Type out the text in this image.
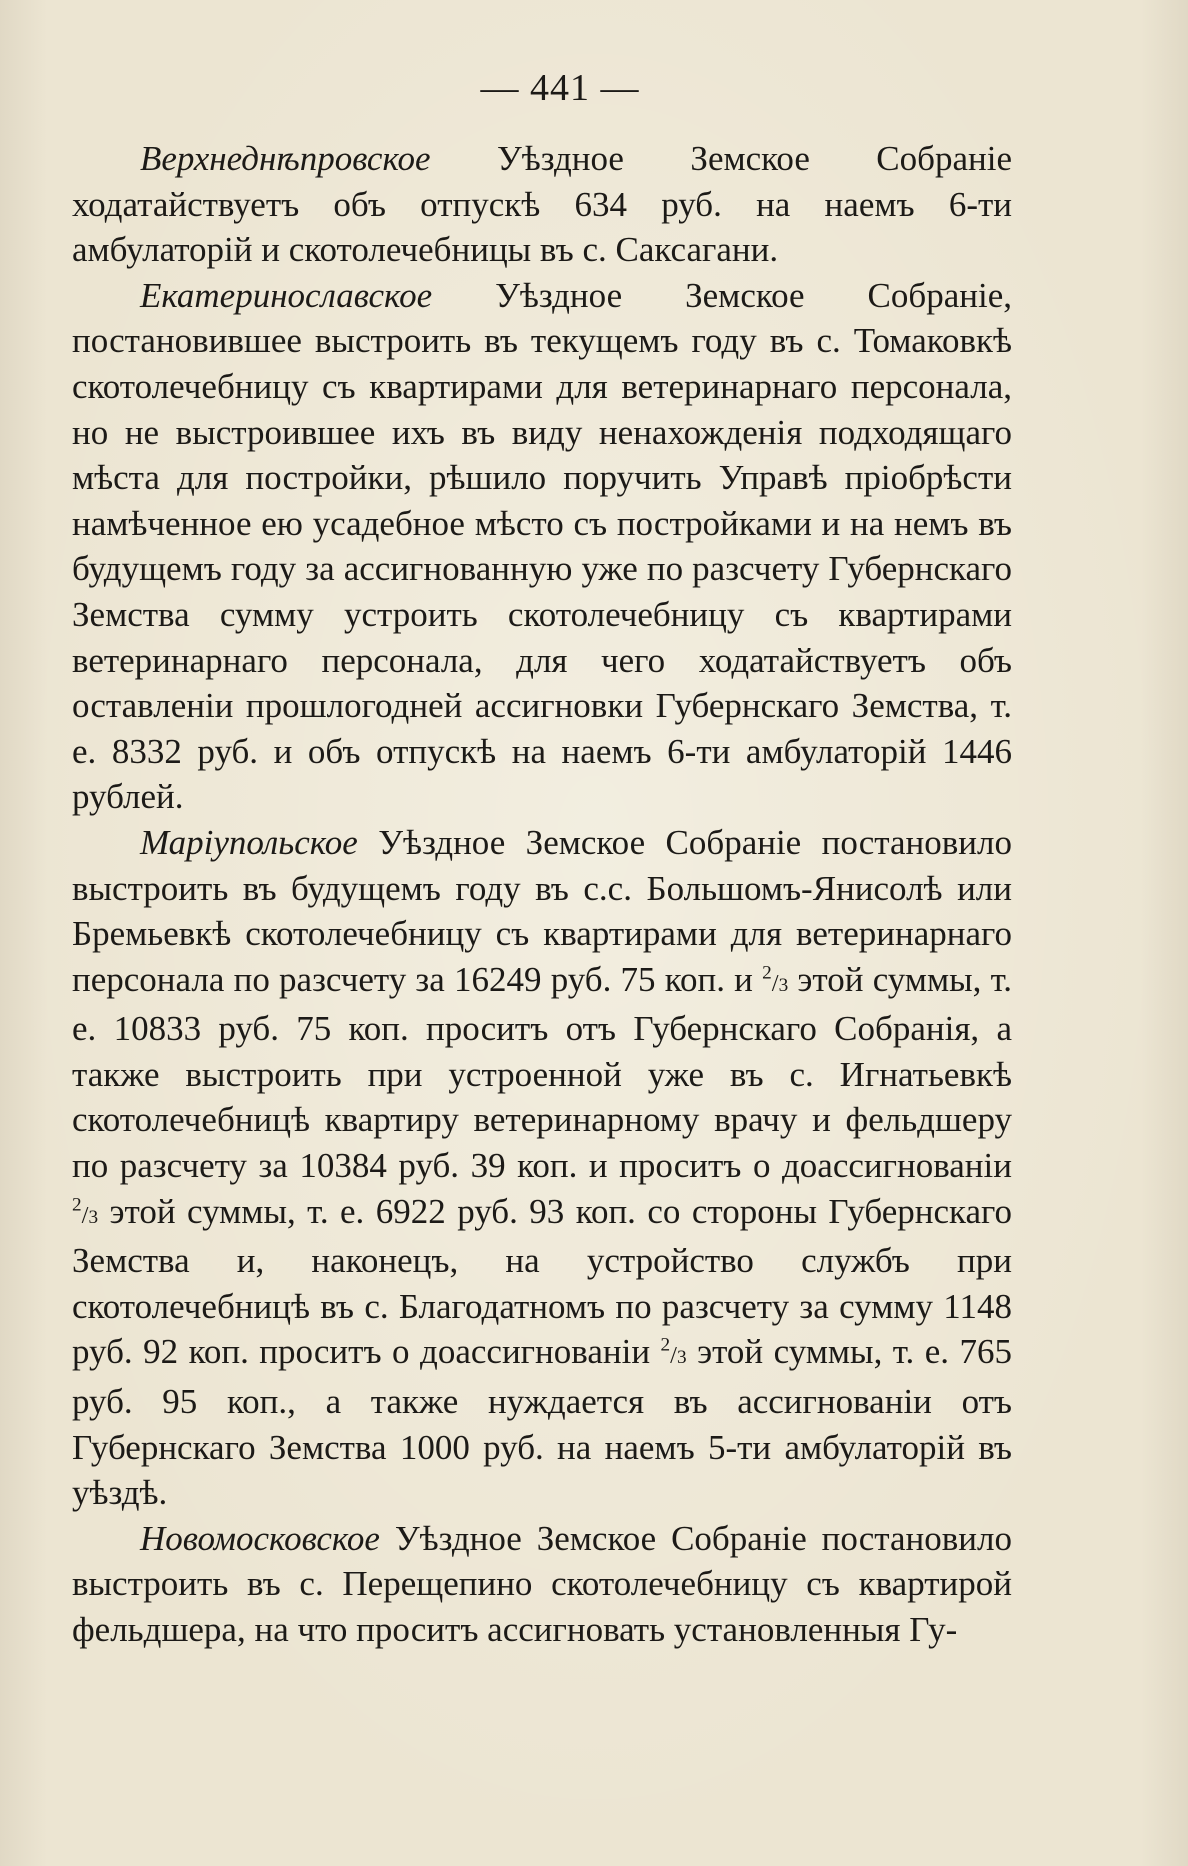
— 441 —

Верхнеднѣпровское Уѣздное Земское Собраніе ходатайствуетъ объ отпускѣ 634 руб. на наемъ 6-ти амбулаторій и скотолечебницы въ с. Саксагани.

Екатеринославское Уѣздное Земское Собраніе, постановившее выстроить въ текущемъ году въ с. Томаковкѣ скотолечебницу съ квартирами для ветеринарнаго персонала, но не выстроившее ихъ въ виду ненахожденія подходящаго мѣста для постройки, рѣшило поручить Управѣ пріобрѣсти намѣченное ею усадебное мѣсто съ постройками и на немъ въ будущемъ году за ассигнованную уже по разсчету Губернскаго Земства сумму устроить скотолечебницу съ квартирами ветеринарнаго персонала, для чего ходатайствуетъ объ оставленіи прошлогодней ассигновки Губернскаго Земства, т. е. 8332 руб. и объ отпускѣ на наемъ 6-ти амбулаторій 1446 рублей.

Маріупольское Уѣздное Земское Собраніе постановило выстроить въ будущемъ году въ с.с. Большомъ-Янисолѣ или Бремьевкѣ скотолечебницу съ квартирами для ветеринарнаго персонала по разсчету за 16249 руб. 75 коп. и $^2$/3 этой суммы, т. е. 10833 руб. 75 коп. проситъ отъ Губернскаго Собранія, а также выстроить при устроенной уже въ с. Игнатьевкѣ скотолечебницѣ квартиру ветеринарному врачу и фельдшеру по разсчету за 10384 руб. 39 коп. и проситъ о доассигнованіи $^2$/3 этой суммы, т. е. 6922 руб. 93 коп. со стороны Губернскаго Земства и, наконецъ, на устройство службъ при скотолечебницѣ въ с. Благодатномъ по разсчету за сумму 1148 руб. 92 коп. проситъ о доассигнованіи $^2$/3 этой суммы, т. е. 765 руб. 95 коп., а также нуждается въ ассигнованіи отъ Губернскаго Земства 1000 руб. на наемъ 5-ти амбулаторій въ уѣздѣ.

Новомосковское Уѣздное Земское Собраніе постановило выстроить въ с. Перещепино скотолечебницу съ квартирой фельдшера, на что проситъ ассигновать установленныя Гу-
